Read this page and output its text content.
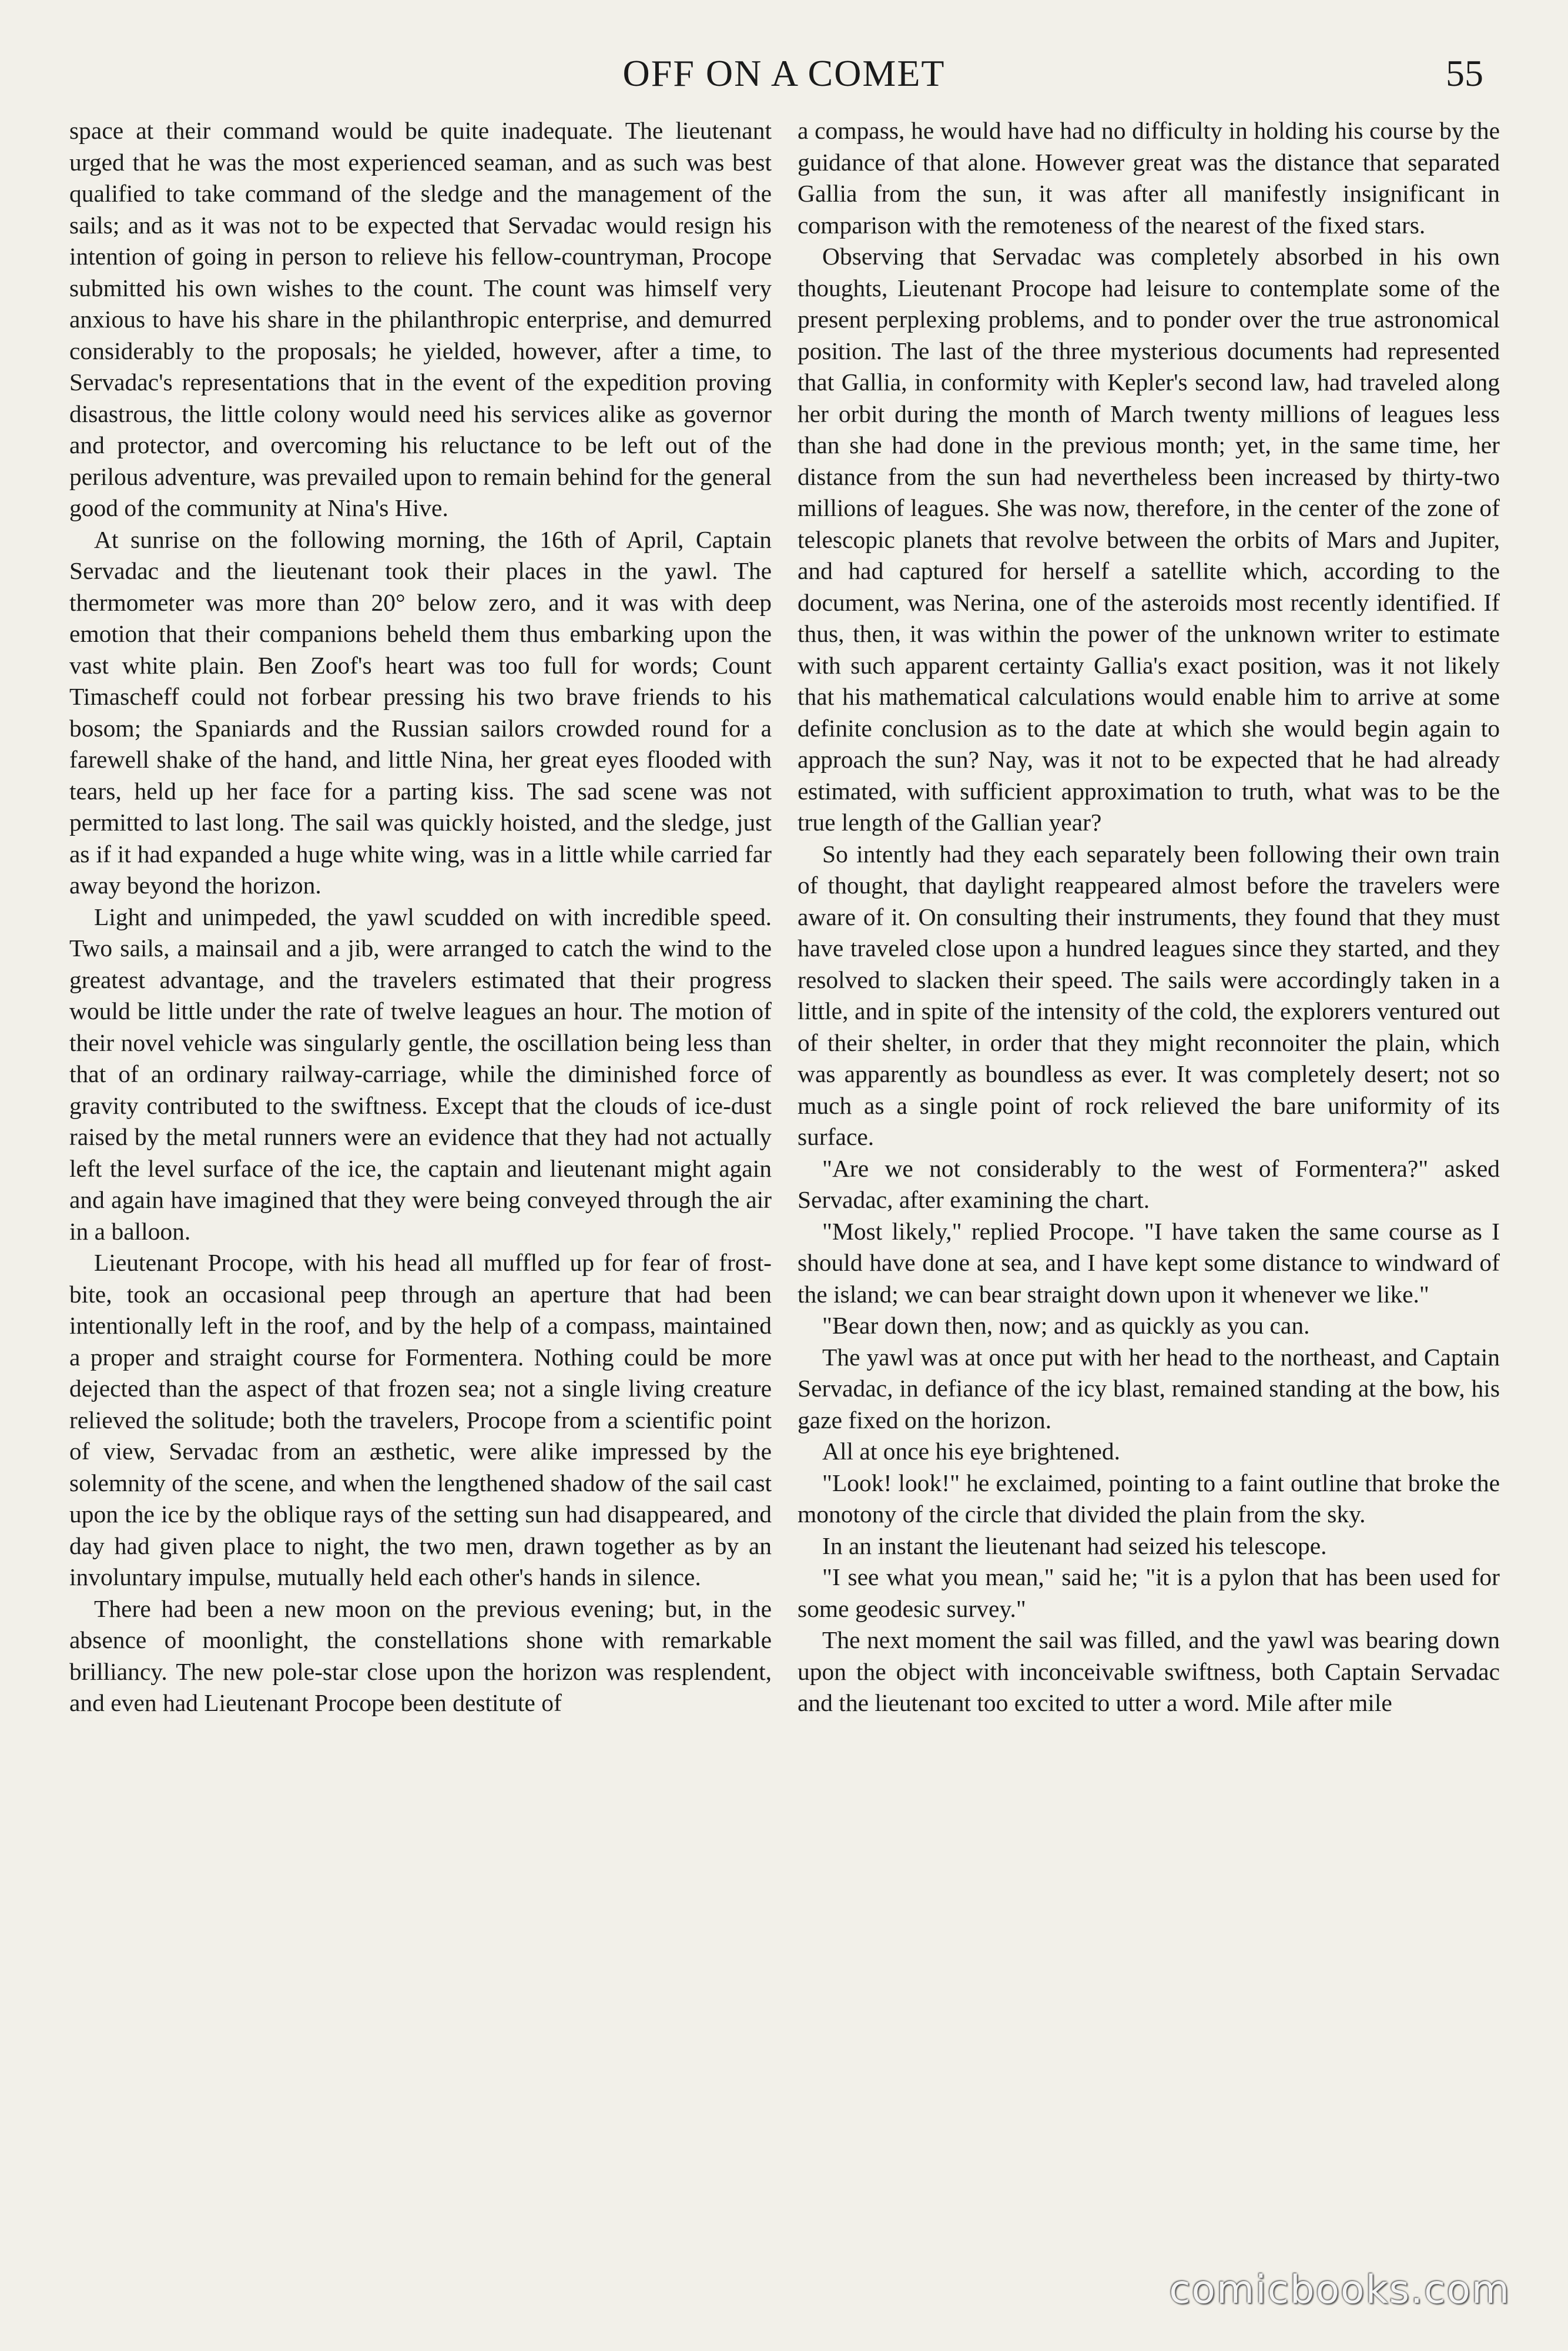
OFF ON A COMET	55

space at their command would be quite inadequate. The lieutenant urged that he was the most experienced seaman, and as such was best qualified to take command of the sledge and the management of the sails; and as it was not to be expected that Servadac would resign his intention of going in person to relieve his fellow-countryman, Procope submitted his own wishes to the count. The count was himself very anxious to have his share in the philanthropic enterprise, and demurred considerably to the proposals; he yielded, however, after a time, to Servadac's representations that in the event of the expedition proving disastrous, the little colony would need his services alike as governor and protector, and overcoming his reluctance to be left out of the perilous adventure, was prevailed upon to remain behind for the general good of the community at Nina's Hive.

At sunrise on the following morning, the 16th of April, Captain Servadac and the lieutenant took their places in the yawl. The thermometer was more than 20° below zero, and it was with deep emotion that their companions beheld them thus embarking upon the vast white plain. Ben Zoof's heart was too full for words; Count Timascheff could not forbear pressing his two brave friends to his bosom; the Spaniards and the Russian sailors crowded round for a farewell shake of the hand, and little Nina, her great eyes flooded with tears, held up her face for a parting kiss. The sad scene was not permitted to last long. The sail was quickly hoisted, and the sledge, just as if it had expanded a huge white wing, was in a little while carried far away beyond the horizon.

Light and unimpeded, the yawl scudded on with incredible speed. Two sails, a mainsail and a jib, were arranged to catch the wind to the greatest advantage, and the travelers estimated that their progress would be little under the rate of twelve leagues an hour. The motion of their novel vehicle was singularly gentle, the oscillation being less than that of an ordinary railway-carriage, while the diminished force of gravity contributed to the swiftness. Except that the clouds of ice-dust raised by the metal runners were an evidence that they had not actually left the level surface of the ice, the captain and lieutenant might again and again have imagined that they were being conveyed through the air in a balloon.

Lieutenant Procope, with his head all muffled up for fear of frost-bite, took an occasional peep through an aperture that had been intentionally left in the roof, and by the help of a compass, maintained a proper and straight course for Formentera. Nothing could be more dejected than the aspect of that frozen sea; not a single living creature relieved the solitude; both the travelers, Procope from a scientific point of view, Servadac from an æsthetic, were alike impressed by the solemnity of the scene, and when the lengthened shadow of the sail cast upon the ice by the oblique rays of the setting sun had disappeared, and day had given place to night, the two men, drawn together as by an involuntary impulse, mutually held each other's hands in silence.

There had been a new moon on the previous evening; but, in the absence of moonlight, the constellations shone with remarkable brilliancy. The new pole-star close upon the horizon was resplendent, and even had Lieutenant Procope been destitute of

a compass, he would have had no difficulty in holding his course by the guidance of that alone. However great was the distance that separated Gallia from the sun, it was after all manifestly insignificant in comparison with the remoteness of the nearest of the fixed stars.

Observing that Servadac was completely absorbed in his own thoughts, Lieutenant Procope had leisure to contemplate some of the present perplexing problems, and to ponder over the true astronomical position. The last of the three mysterious documents had represented that Gallia, in conformity with Kepler's second law, had traveled along her orbit during the month of March twenty millions of leagues less than she had done in the previous month; yet, in the same time, her distance from the sun had nevertheless been increased by thirty-two millions of leagues. She was now, therefore, in the center of the zone of telescopic planets that revolve between the orbits of Mars and Jupiter, and had captured for herself a satellite which, according to the document, was Nerina, one of the asteroids most recently identified. If thus, then, it was within the power of the unknown writer to estimate with such apparent certainty Gallia's exact position, was it not likely that his mathematical calculations would enable him to arrive at some definite conclusion as to the date at which she would begin again to approach the sun? Nay, was it not to be expected that he had already estimated, with sufficient approximation to truth, what was to be the true length of the Gallian year?

So intently had they each separately been following their own train of thought, that daylight reappeared almost before the travelers were aware of it. On consulting their instruments, they found that they must have traveled close upon a hundred leagues since they started, and they resolved to slacken their speed. The sails were accordingly taken in a little, and in spite of the intensity of the cold, the explorers ventured out of their shelter, in order that they might reconnoiter the plain, which was apparently as boundless as ever. It was completely desert; not so much as a single point of rock relieved the bare uniformity of its surface.

"Are we not considerably to the west of Formentera?" asked Servadac, after examining the chart.

"Most likely," replied Procope. "I have taken the same course as I should have done at sea, and I have kept some distance to windward of the island; we can bear straight down upon it whenever we like."

"Bear down then, now; and as quickly as you can.

The yawl was at once put with her head to the northeast, and Captain Servadac, in defiance of the icy blast, remained standing at the bow, his gaze fixed on the horizon.

All at once his eye brightened.

"Look! look!" he exclaimed, pointing to a faint outline that broke the monotony of the circle that divided the plain from the sky.

In an instant the lieutenant had seized his telescope.

"I see what you mean," said he; "it is a pylon that has been used for some geodesic survey."

The next moment the sail was filled, and the yawl was bearing down upon the object with inconceivable swiftness, both Captain Servadac and the lieutenant too excited to utter a word. Mile after mile

comicbooks.com
